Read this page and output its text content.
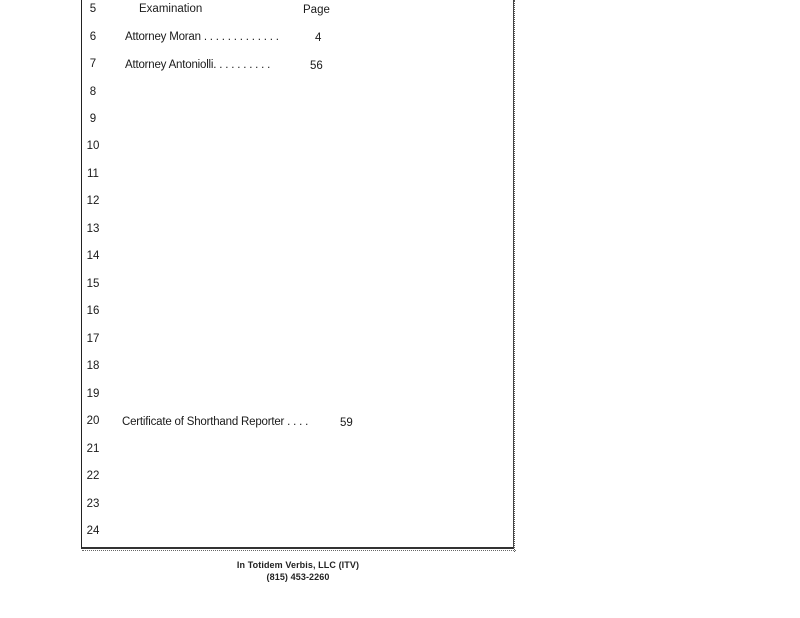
5
6
7
8
9
10
11
12
13
14
15
16
17
18
19
20
21
22
23
24
Examination	Page
Attorney Moran . . . . . . . . . . . . .	4
Attorney Antoniolli. . . . . . . . . .	56
Certificate of Shorthand Reporter . . . .	59
In Totidem Verbis, LLC (ITV)
(815) 453-2260
